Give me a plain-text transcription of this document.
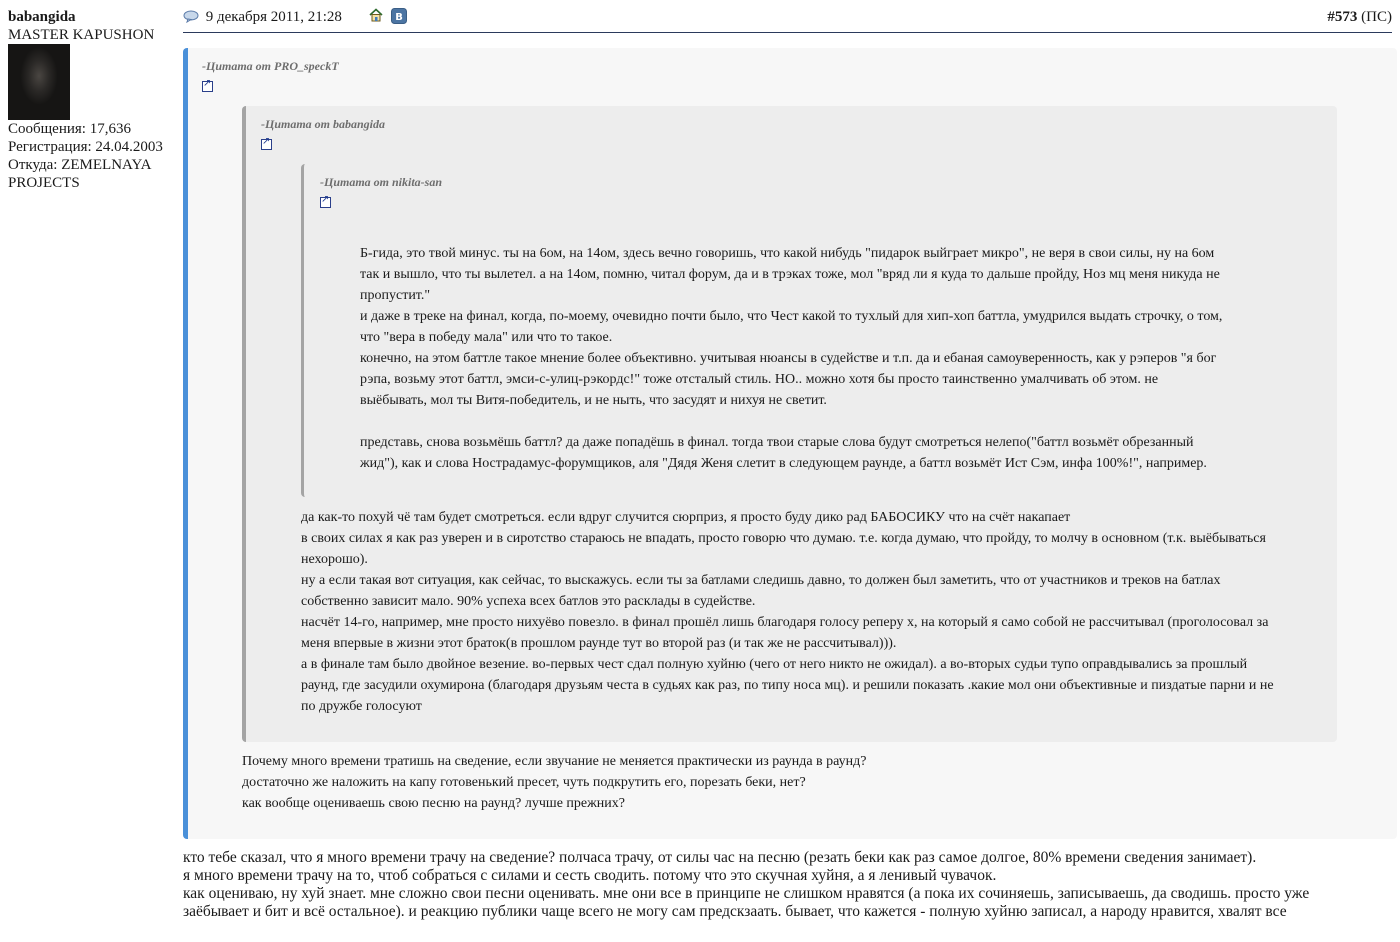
babangida
MASTER KAPUSHON
Сообщения: 17,636
Регистрация: 24.04.2003
Откуда: ZEMELNAYA
PROJECTS
9 декабря 2011, 21:28
	B	#573 (ПС)
-Цитата от PRO_speckT
↗

Почему много времени тратишь на сведение, если звучание не меняется практически из раунда в раунд?

достаточно же наложить на капу готовенький пресет, чуть подкрутить его, порезать беки, нет?

как вообще оцениваешь свою песню на раунд? лучше прежних?

-Цитата от babangida
↗

да как-то похуй чё там будет смотреться. если вдруг случится сюрприз, я просто буду дико рад БАБОСИКУ что на счёт накапает

в своих силах я как раз уверен и в сиротство стараюсь не впадать, просто говорю что думаю. т.е. когда думаю, что пройду, то молчу в основном (т.к. выёбываться

нехорошо).

ну а если такая вот ситуация, как сейчас, то выскажусь. если ты за батлами следишь давно, то должен был заметить, что от участников и треков на батлах

собственно зависит мало. 90% успеха всех батлов это расклады в судействе.

насчёт 14-го, например, мне просто нихуёво повезло. в финал прошёл лишь благодаря голосу реперу х, на который я само собой не рассчитывал (проголосовал за

меня впервые в жизни этот браток(в прошлом раунде тут во второй раз (и так же не рассчитывал))).

а в финале там было двойное везение. во-первых чест сдал полную хуйню (чего от него никто не ожидал). а во-вторых судьи тупо оправдывались за прошлый

раунд, где засудили охумирона (благодаря друзьям честа в судьях как раз, по типу носа мц). и решили показать .какие мол они объективные и пиздатые парни и не

по дружбе голосуют

-Цитата от nikita-san
↗

Б-гида, это твой минус. ты на 6ом, на 14ом, здесь вечно говоришь, что какой нибудь "пидарок выйграет микро", не веря в свои силы, ну на 6ом

так и вышло, что ты вылетел. а на 14ом, помню, читал форум, да и в трэках тоже, мол "вряд ли я куда то дальше пройду, Ноз мц меня никуда не

пропустит."

и даже в треке на финал, когда, по-моему, очевидно почти было, что Чест какой то тухлый для хип-хоп баттла, умудрился выдать строчку, о том,

что "вера в победу мала" или что то такое.

конечно, на этом баттле такое мнение более объективно. учитывая нюансы в судействе и т.п. да и ебаная самоуверенность, как у рэперов "я бог

рэпа, возьму этот баттл, эмси-с-улиц-рэкордс!" тоже отсталый стиль. НО.. можно хотя бы просто таинственно умалчивать об этом. не

выёбывать, мол ты Витя-победитель, и не ныть, что засудят и нихуя не светит.

представь, снова возьмёшь баттл? да даже попадёшь в финал. тогда твои старые слова будут смотреться нелепо("баттл возьмёт обрезанный

жид"), как и слова Нострадамус-форумщиков, аля "Дядя Женя слетит в следующем раунде, а баттл возьмёт Ист Сэм, инфа 100%!", например.

кто тебе сказал, что я много времени трачу на сведение? полчаса трачу, от силы час на песню (резать беки как раз самое долгое, 80% времени сведения занимает).

я много времени трачу на то, чтоб собраться с силами и сесть сводить. потому что это скучная хуйня, а я ленивый чувачок.

как оцениваю, ну хуй знает. мне сложно свои песни оценивать. мне они все в принципе не слишком нравятся (а пока их сочиняешь, записываешь, да сводишь. просто уже

заёбывает и бит и всё остальное). и реакцию публики чаще всего не могу сам предскзаать. бывает, что кажется - полную хуйню записал, а народу нравится, хвалят все
